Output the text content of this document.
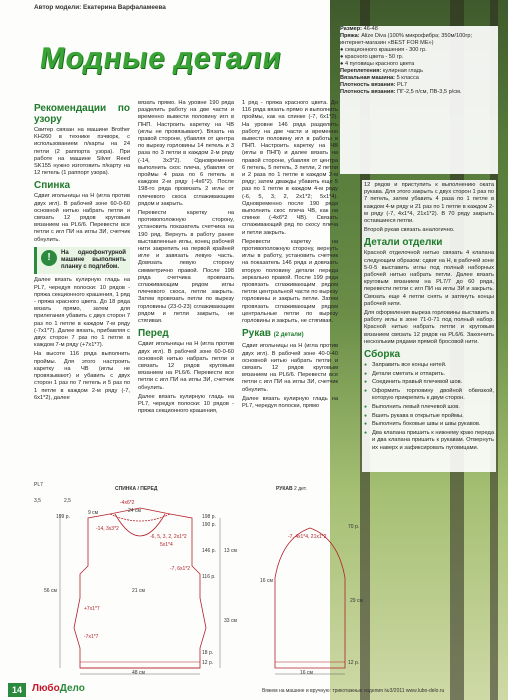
Автор модели: Екатерина Варфаламеева
Модные детали

Размер: 46-48

Пряжа: Alize Diva (100% микрофибра; 350м/100гр; интернет-магазин «BEST FOR ME»)

● секционного крашения - 300 гр.

● красного цвета - 50 гр.

● 4 пуговицы красного цвета

Переплетения: кулирная гладь

Вязальная машина: 5 класса

Плотность вязания: PL7

Плотность вязания: ПГ-2,5 п/см, ПВ-3,5 р/см.

Рекомендации по узору

Свитер связан на машине Brother KH260 в технике пэчворк, с использованием п/карты на 24 петли (2 раппорта узора). При работе на машине Silver Reed SK155 нужно изготовить п/карту на 12 петель (1 раппорт узора).

Спинка

Сдвиг игольницы на Н (игла против двух игл). В рабочей зоне 60-0-60 основной нитью набрать петли и связать 12 рядов круговым вязанием на PL6/6. Перевести все петли с игл ПИ на иглы ЗИ, счетчик обнулить.

!	На однофонтурной машине выполнить планку с подгибом.

Далее вязать кулирную гладь на PL7, чередуя полоски: 10 рядов - пряжа секционного крашения, 1 ряд - пряжа красного цвета. До 18 ряда вязать прямо, затем для прилегания убавить с двух сторон 7 раз по 1 петле в каждом 7-м ряду (-7х1*7). Далее вязать, прибавляя с двух сторон 7 раз по 1 петле в каждом 7-м ряду (+7х1*7).

На высоте 116 ряда выполнить проймы. Для этого настроить каретку на ЧВ (иглы не провязывают) и убавить с двух сторон 1 раз по 7 петель и 5 раз по 1 петле в каждом 2-м ряду (-7, 6х1*2), далее

вязать прямо. На уровне 190 ряда разделить работу на две части и временно вывести половину игл в ПНП. Настроить каретку на ЧВ (иглы не провязывают). Вязать на правой стороне, убавляя от центра по вырезу горловины 14 петель и 3 раза по 3 петли в каждом 2-м ряду (-14, 3х3*2). Одновременно выполнить скос плеча, убавляя от проймы 4 раза по 6 петель в каждом 2-м ряду (-4х6*2). После 198-го ряда провязать 2 иглы от плечевого скоса сглаживающим рядом и закрыть.

Перевести каретку на противоположную сторону, установить показатель счетчика на 190 ряд. Вернуть в работу ранее выставленные иглы, конец рабочей нити закрепить на первой крайней игле и завязать левую часть. Довязать левую сторону симметрично правой. После 198 ряда счетчика провязать сглаживающим рядом иглы плечевого скоса, петли закрыть. Затем провязать петли по вырезу горловины (23-0-23) сглаживающим рядом и петли закрыть, не стягивая.

Перед

Сдвиг игольницы на Н (игла против двух игл). В рабочей зоне 60-0-60 основной нитью набрать петли и связать 12 рядов круговым вязанием на PL6/6. Перевести все петли с игл ПИ на иглы ЗИ, счетчик обнулить.

Далее вязать кулирную гладь на PL7, чередуя полоски: 10 рядов - пряжа секционного крашения,

1 ряд - пряжа красного цвета. До 116 ряда вязать прямо и выполнить проймы, как на спинке (-7, 6х1*2). На уровне 146 ряда разделить работу на две части и временно вывести половину игл в работы в ПНП. Настроить каретку на ЧВ (иглы в ПНП) и далее вязать на правой стороне, убавляя от центра 6 петель, 5 петель, 3 петли, 2 петли и 2 раза по 1 петле в каждом 2-м ряду; затем дважды убавить еще 5 раз по 1 петле в каждом 4-м ряду (-6, 5, 3, 2, 2х1*2; 5х1*4). Одновременно после 190 ряда выполнить скос плеча ЧВ, как на спинке (-4х6*2 ЧВ). Связать сглаживающий ряд по скосу плеча и петли закрыть.

Перевести каретку на противоположную сторону, вернуть иглы в работу, установить счетчик на показатель 146 ряда и довязать вторую половину детали переда зеркально правой. После 199 ряда провязать сглаживающим рядом петли центральной части по вырезу горловины и закрыть петли. Затем провязать сглаживающим рядом центральные петли по вырезу горловины и закрыть, не стягивая.

Рукав (2 детали)

Сдвиг игольницы на Н (игла против двух игл). В рабочей зоне 40-0-40 основной нитью набрать петли и связать 12 рядов круговым вязанием на PL6/6. Перевести все петли с игл ПИ на иглы ЗИ, счетчик обнулить.

Далее вязать кулирную гладь на PL7, чередуя полоски, прямо

12 рядов и приступить к выполнению оката рукава. Для этого закрыть с двух сторон 1 раз по 7 петель, затем убавить 4 раза по 1 петле в каждом 4-м ряду и 21 раз по 1 петле в каждом 2-м ряду (-7, 4х1*4, 21х1*2). В 70 ряду закрыть оставшиеся петли.

Второй рукав связать аналогично.

Детали отделки

Красной отделочной нитью связать 4 клапана следующим образом: сдвиг на Н, в рабочей зоне 5-0-5 выставить иглы под полный наборных рабочей нитью набрать петли. Далее вязать круговым вязанием на PL7/7 до 60 ряда, перевести петли с игл ПИ на иглы ЗИ и закрыть. Связать еще 4 петли снять и затянуть концы рабочей нити.

Для оформления выреза горловины выставить в работу иглы в зоне 71-0-71 под полный набор. Красной нитью набрать петли и круговым вязанием связать 12 рядов на PL6/6. Закончить нескольким рядами прямой бросовой нити.

Сборка
● Заправить все концы нитей.
● Детали сметать и отпарить.
● Соединить правый плечевой шов.
● Оформить горловину двойной обвязкой, которую прикрепить к двум сторон.
● Выполнить левый плечевой шов.
● Вшить рукава в открытые проймы.
● Выполнить боковые швы и швы рукавов.
● Два клапана пришить к нижнему краю переда и два клапана пришить к рукавам. Отвернуть их наверх и зафиксировать пуговицами.
СПИНКА / ПЕРЕД	РУКАВ 2 дет.
-4х6*2
-14, 3х3*2
-6, 5, 3, 2, 2х1*2
5х1*4
-7, 6х1*2
+7х1*7
-7х1*7
-7, 4х1*4, 21х1*2
198 р.
190 р.
146 р.
116 р.
18 р.
12 р.
199 р.
70 р.
12 р.
PL7
24 см
9 см
16 см
48 см
56 см
13 см
21 см
33 см
16 см
29 см
3,5	2,5
14	ЛюбоДело	Вяжем на машине и вручную: трикотажные изделия №3/2011 www.lubo-delo.ru
